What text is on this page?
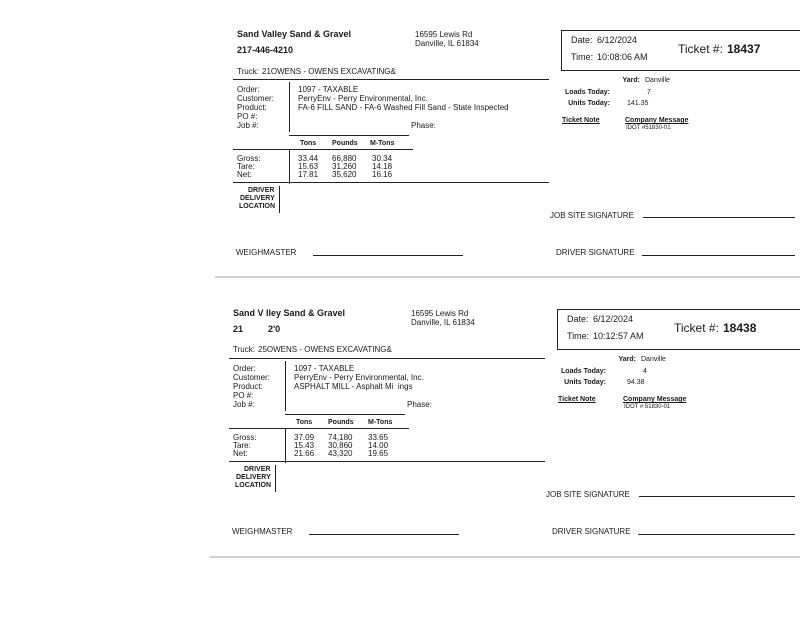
Sand Valley Sand & Gravel
217-446-4210
16595 Lewis Rd
Danville, IL 61834	Date: 6/12/2024
Time: 10:08:06 AM
Ticket #: 18437
Truck: 21OWENS - OWENS EXCAVATING&
Order:	1097 - TAXABLE
Customer:	PerryEnv - Perry Environmental, Inc.
Product:	FA-6 FILL SAND - FA-6 Washed Fill Sand - State Inspected
PO #:
Job #:	Phase:
Yard: Danville
Loads Today:	7
Units Today: 141.35
Ticket Note	Company Message
IDOT #51830-01
Tons Pounds M-Tons
Gross:	33.44 66,880 30.34
Tare:	15.63 31,260 14.18
Net:	17.81 35,620 16.16
DRIVER
DELIVERY
LOCATION
JOB SITE SIGNATURE
WEIGHMASTER	DRIVER SIGNATURE
Sand V lley Sand & Gravel
21          2'0
16595 Lewis Rd
Danville, IL 61834	Date: 6/12/2024
Time: 10:12:57 AM
Ticket #: 18438
Truck: 25OWENS - OWENS EXCAVATING&
Order:	1097 - TAXABLE
Customer:	PerryEnv - Perry Environmental, Inc.
Product:	ASPHALT MILL - Asphalt Mi  ings
PO #:
Job #:	Phase:
Yard: Danville
Loads Today:	4
Units Today:	94.38
Ticket Note	Company Message
IDOT # 51830-01
Tons Pounds M-Tons
Gross:	37.09 74,180 33.65
Tare:	15.43 30,860 14.00
Net:	21.66 43,320 19.65
DRIVER
DELIVERY
LOCATION
JOB SITE SIGNATURE
WEIGHMASTER	DRIVER SIGNATURE
